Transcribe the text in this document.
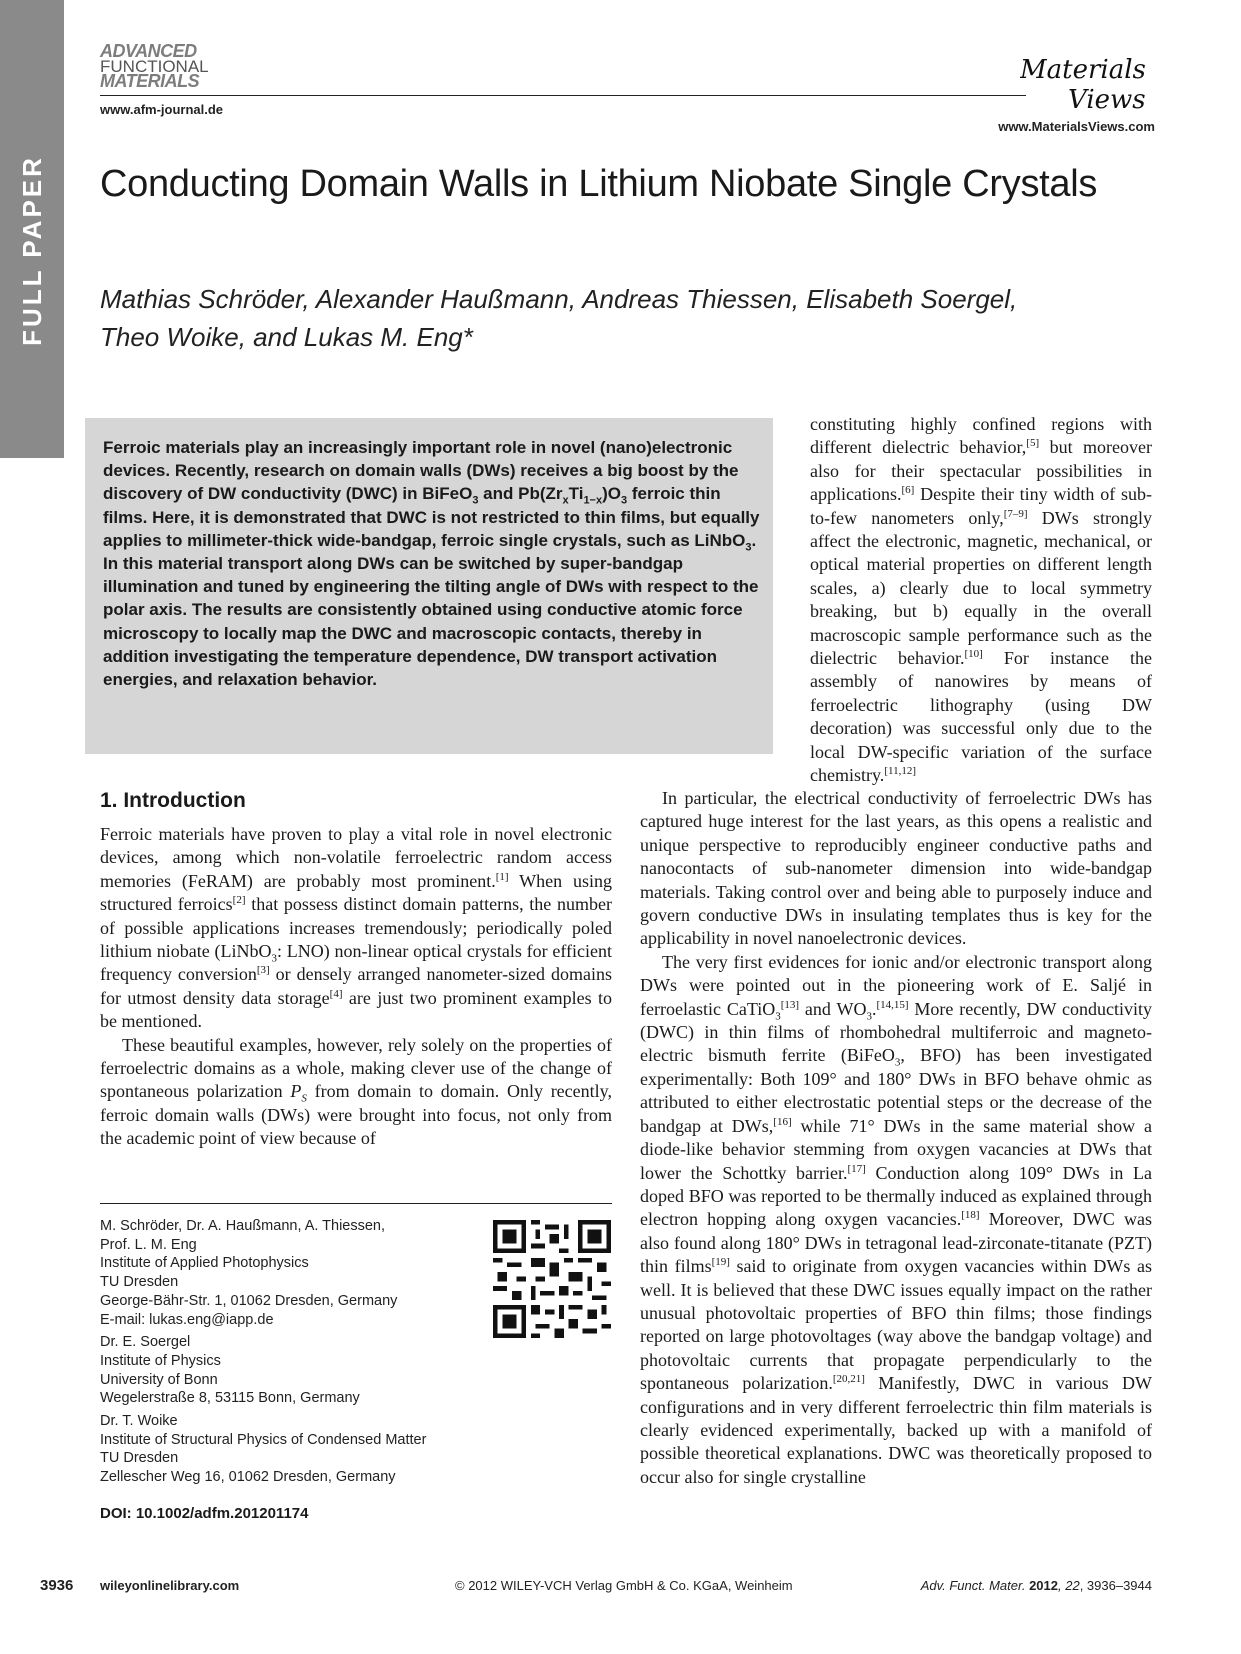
FULL PAPER
ADVANCED
FUNCTIONAL
MATERIALS
www.afm-journal.de
Materials
Views
www.MaterialsViews.com
Conducting Domain Walls in Lithium Niobate Single Crystals
Mathias Schröder, Alexander Haußmann, Andreas Thiessen, Elisabeth Soergel,
Theo Woike, and Lukas M. Eng*
Ferroic materials play an increasingly important role in novel (nano)electronic devices. Recently, research on domain walls (DWs) receives a big boost by the discovery of DW conductivity (DWC) in BiFeO$_3$ and $Pb(Zr_xTi_{1-x})O_3$ ferroic thin films. Here, it is demonstrated that DWC is not restricted to thin films, but equally applies to millimeter-thick wide-bandgap, ferroic single crystals, such as LiNbO$_3$. In this material transport along DWs can be switched by super-bandgap illumination and tuned by engineering the tilting angle of DWs with respect to the polar axis. The results are consistently obtained using conductive atomic force microscopy to locally map the DWC and macroscopic contacts, thereby in addition investigating the temperature dependence, DW transport activation energies, and relaxation behavior.

constituting highly confined regions with different dielectric behavior,[5] but moreover also for their spectacular possibilities in applications.[6] Despite their tiny width of sub-to-few nanometers only,[7–9] DWs strongly affect the electronic, magnetic, mechanical, or optical material properties on different length scales, a) clearly due to local symmetry breaking, but b) equally in the overall macroscopic sample performance such as the dielectric behavior.[10] For instance the assembly of nanowires by means of ferroelectric lithography (using DW decoration) was successful only due to the local DW-specific variation of the surface chemistry.[11,12]

1. Introduction

Ferroic materials have proven to play a vital role in novel electronic devices, among which non-volatile ferroelectric random access memories (FeRAM) are probably most prominent.[1] When using structured ferroics[2] that possess distinct domain patterns, the number of possible applications increases tremendously; periodically poled lithium niobate (LiNbO$_3$: LNO) non-linear optical crystals for efficient frequency conversion[3] or densely arranged nanometer-sized domains for utmost density data storage[4] are just two prominent examples to be mentioned.

These beautiful examples, however, rely solely on the properties of ferroelectric domains as a whole, making clever use of the change of spontaneous polarization $P_S$ from domain to domain. Only recently, ferroic domain walls (DWs) were brought into focus, not only from the academic point of view because of

In particular, the electrical conductivity of ferroelectric DWs has captured huge interest for the last years, as this opens a realistic and unique perspective to reproducibly engineer conductive paths and nanocontacts of sub-nanometer dimension into wide-bandgap materials. Taking control over and being able to purposely induce and govern conductive DWs in insulating templates thus is key for the applicability in novel nanoelectronic devices.

The very first evidences for ionic and/or electronic transport along DWs were pointed out in the pioneering work of E. Saljé in ferroelastic CaTiO$_3$[13] and $WO_3.[14,15]$ More recently, DW conductivity (DWC) in thin films of rhombohedral multiferroic and magneto-electric bismuth ferrite (BiFeO$_3$, BFO) has been investigated experimentally: Both 109° and 180° DWs in BFO behave ohmic as attributed to either electrostatic potential steps or the decrease of the bandgap at DWs,[16] while 71° DWs in the same material show a diode-like behavior stemming from oxygen vacancies at DWs that lower the Schottky barrier.[17] Conduction along 109° DWs in La doped BFO was reported to be thermally induced as explained through electron hopping along oxygen vacancies.[18] Moreover, DWC was also found along 180° DWs in tetragonal lead-zirconate-titanate (PZT) thin films[19] said to originate from oxygen vacancies within DWs as well. It is believed that these DWC issues equally impact on the rather unusual photovoltaic properties of BFO thin films; those findings reported on large photovoltages (way above the bandgap voltage) and photovoltaic currents that propagate perpendicularly to the spontaneous polarization.[20,21] Manifestly, DWC in various DW configurations and in very different ferroelectric thin film materials is clearly evidenced experimentally, backed up with a manifold of possible theoretical explanations. DWC was theoretically proposed to occur also for single crystalline

M. Schröder, Dr. A. Haußmann, A. Thiessen,
Prof. L. M. Eng
Institute of Applied Photophysics
TU Dresden
George-Bähr-Str. 1, 01062 Dresden, Germany
E-mail: lukas.eng@iapp.de
Dr. E. Soergel
Institute of Physics
University of Bonn
Wegelerstraße 8, 53115 Bonn, Germany
Dr. T. Woike
Institute of Structural Physics of Condensed Matter
TU Dresden
Zellescher Weg 16, 01062 Dresden, Germany
DOI: 10.1002/adfm.201201174
3936 wileyonlinelibrary.com	© 2012 WILEY-VCH Verlag GmbH & Co. KGaA, Weinheim	Adv. Funct. Mater. 2012, 22, 3936–3944
